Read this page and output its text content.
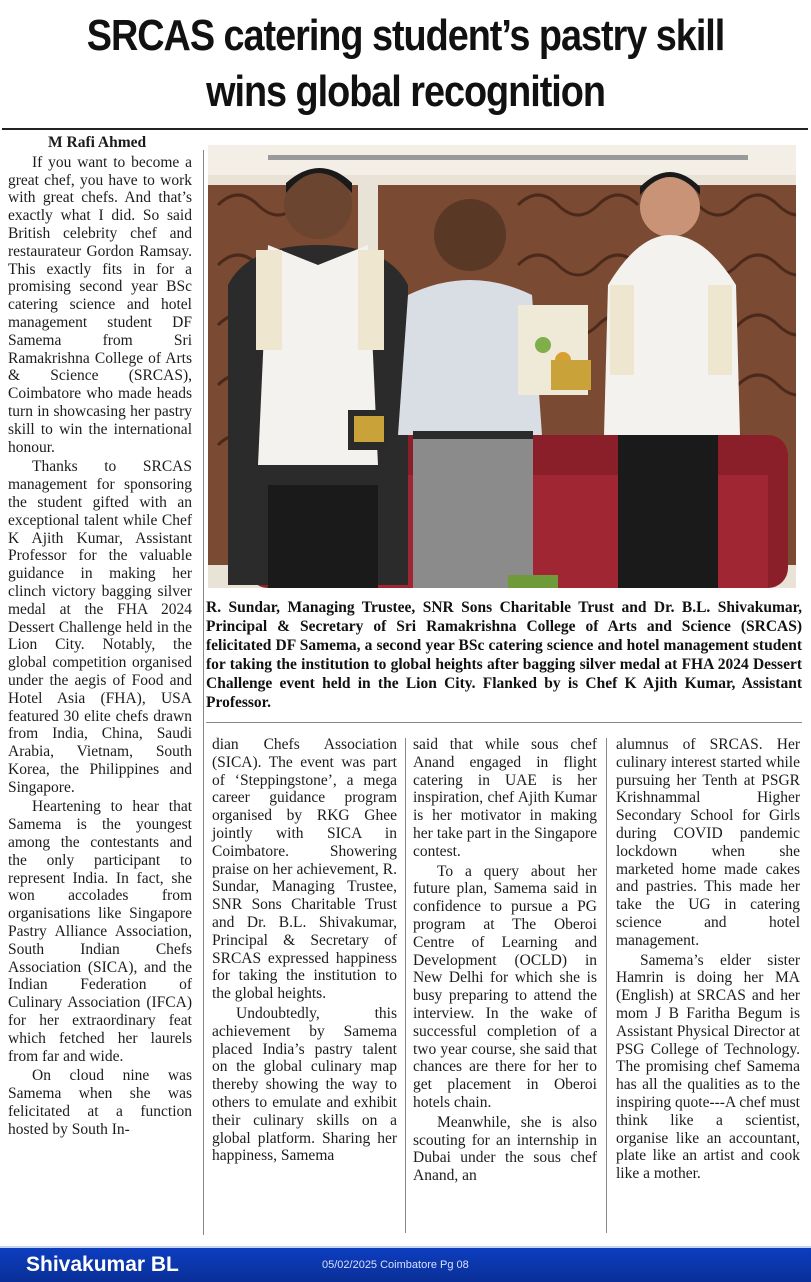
SRCAS catering student’s pastry skill
wins global recognition

M Rafi Ahmed

If you want to become a great chef, you have to work with great chefs. And that’s exactly what I did. So said British celebrity chef and restaurateur Gordon Ramsay. This exactly fits in for a promising second year BSc catering science and hotel management student DF Samema from Sri Ramakrishna College of Arts & Science (SRCAS), Coimbatore who made heads turn in showcasing her pastry skill to win the international honour.

Thanks to SRCAS management for sponsoring the student gifted with an exceptional talent while Chef K Ajith Kumar, Assistant Professor for the valuable guidance in making her clinch victory bagging silver medal at the FHA 2024 Dessert Challenge held in the Lion City. Notably, the global competition organised under the aegis of Food and Hotel Asia (FHA), USA featured 30 elite chefs drawn from India, China, Saudi Arabia, Vietnam, South Korea, the Philippines and Singapore.

Heartening to hear that Samema is the youngest among the contestants and the only participant to represent India. In fact, she won accolades from organisations like Singapore Pastry Alliance Association, South Indian Chefs Association (SICA), and the Indian Federation of Culinary Association (IFCA) for her extraordinary feat which fetched her laurels from far and wide.

On cloud nine was Samema when she was felicitated at a function hosted by South In-

R. Sundar, Managing Trustee, SNR Sons Charitable Trust and Dr. B.L. Shivakumar, Principal & Secretary of Sri Ramakrishna College of Arts and Science (SRCAS) felicitated DF Samema, a second year BSc catering science and hotel management student for taking the institution to global heights after bagging silver medal at FHA 2024 Dessert Challenge event held in the Lion City. Flanked by is Chef K Ajith Kumar, Assistant Professor.

dian Chefs Association (SICA). The event was part of ‘Steppingstone’, a mega career guidance program organised by RKG Ghee jointly with SICA in Coimbatore. Showering praise on her achievement, R. Sundar, Managing Trustee, SNR Sons Charitable Trust and Dr. B.L. Shivakumar, Principal & Secretary of SRCAS expressed happiness for taking the institution to the global heights.

Undoubtedly, this achievement by Samema placed India’s pastry talent on the global culinary map thereby showing the way to others to emulate and exhibit their culinary skills on a global platform. Sharing her happiness, Samema

said that while sous chef Anand engaged in flight catering in UAE is her inspiration, chef Ajith Kumar is her motivator in making her take part in the Singapore contest.

To a query about her future plan, Samema said in confidence to pursue a PG program at The Oberoi Centre of Learning and Development (OCLD) in New Delhi for which she is busy preparing to attend the interview. In the wake of successful completion of a two year course, she said that chances are there for her to get placement in Oberoi hotels chain.

Meanwhile, she is also scouting for an internship in Dubai under the sous chef Anand, an

alumnus of SRCAS. Her culinary interest started while pursuing her Tenth at PSGR Krishnammal Higher Secondary School for Girls during COVID pandemic lockdown when she marketed home made cakes and pastries. This made her take the UG in catering science and hotel management.

Samema’s elder sister Hamrin is doing her MA (English) at SRCAS and her mom J B Faritha Begum is Assistant Physical Director at PSG College of Technology. The promising chef Samema has all the qualities as to the inspiring quote---A chef must think like a scientist, organise like an accountant, plate like an artist and cook like a mother.

Shivakumar BL	05/02/2025 Coimbatore Pg 08
